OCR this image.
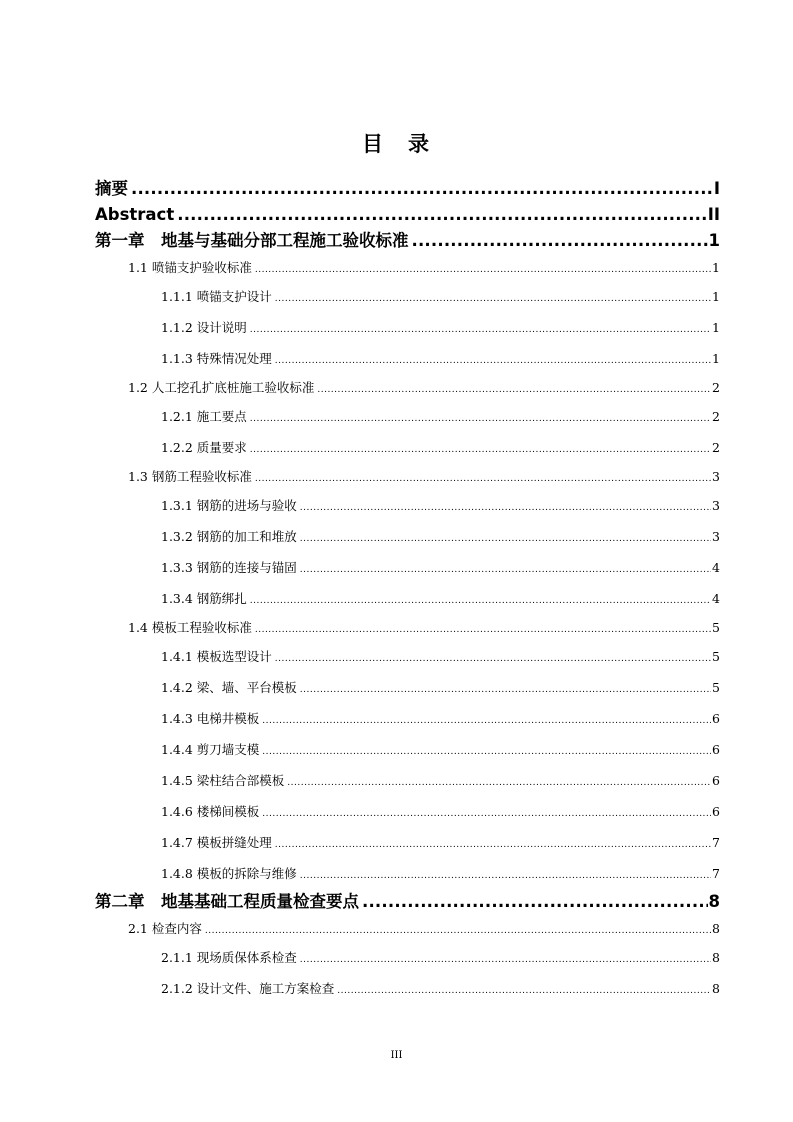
目　录
摘要 .....	I
Abstract .....	II
第一章　地基与基础分部工程施工验收标准 .....	1
1.1 喷锚支护验收标准 .....	1
1.1.1 喷锚支护设计 .....	1
1.1.2 设计说明 .....	1
1.1.3 特殊情况处理 .....	1
1.2 人工挖孔扩底桩施工验收标准 .....	2
1.2.1 施工要点 .....	2
1.2.2 质量要求 .....	2
1.3 钢筋工程验收标准 .....	3
1.3.1 钢筋的进场与验收 .....	3
1.3.2 钢筋的加工和堆放 .....	3
1.3.3 钢筋的连接与锚固 .....	4
1.3.4 钢筋绑扎 .....	4
1.4 模板工程验收标准 .....	5
1.4.1 模板选型设计 .....	5
1.4.2 梁、墙、平台模板 .....	5
1.4.3 电梯井模板 .....	6
1.4.4 剪刀墙支模 .....	6
1.4.5 梁柱结合部模板 .....	6
1.4.6 楼梯间模板 .....	6
1.4.7 模板拼缝处理 .....	7
1.4.8 模板的拆除与维修 .....	7
第二章　地基基础工程质量检查要点 .....	8
2.1 检查内容 .....	8
2.1.1 现场质保体系检查 .....	8
2.1.2 设计文件、施工方案检查 .....	8
III
